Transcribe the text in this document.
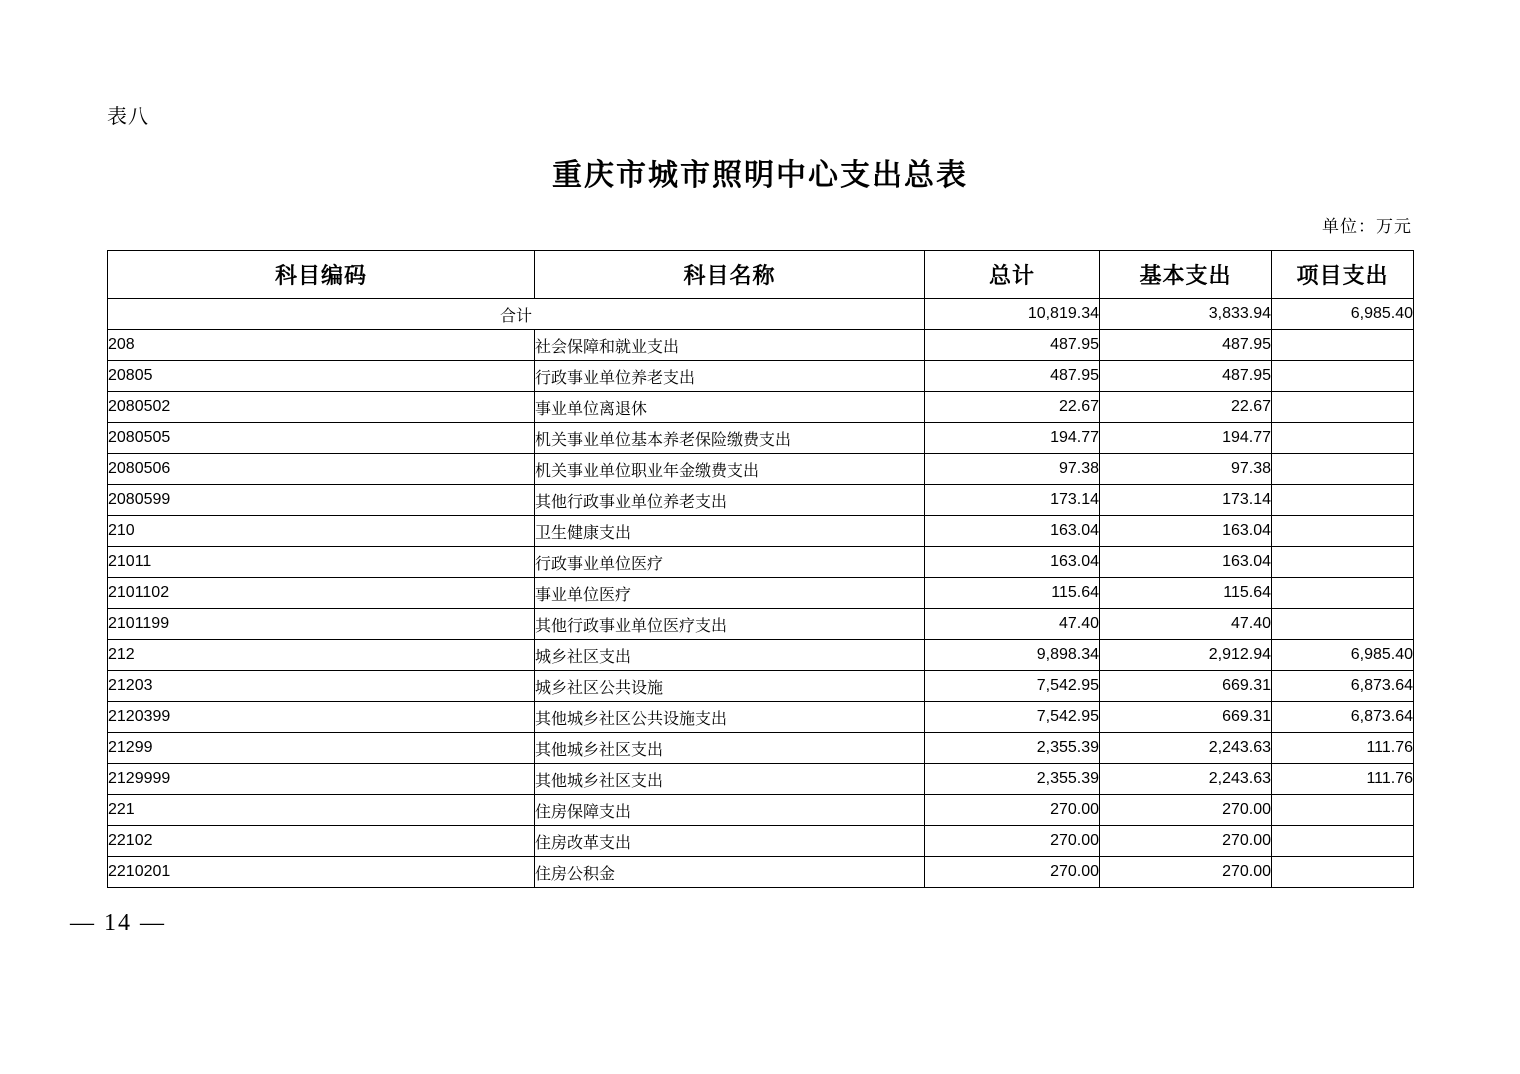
表八
重庆市城市照明中心支出总表
单位：万元
科目编码	科目名称	总计	基本支出	项目支出
合计		10,819.34	3,833.94	6,985.40
208	社会保障和就业支出	487.95	487.95	
20805	行政事业单位养老支出	487.95	487.95	
2080502	事业单位离退休	22.67	22.67	
2080505	机关事业单位基本养老保险缴费支出	194.77	194.77	
2080506	机关事业单位职业年金缴费支出	97.38	97.38	
2080599	其他行政事业单位养老支出	173.14	173.14	
210	卫生健康支出	163.04	163.04	
21011	行政事业单位医疗	163.04	163.04	
2101102	事业单位医疗	115.64	115.64	
2101199	其他行政事业单位医疗支出	47.40	47.40	
212	城乡社区支出	9,898.34	2,912.94	6,985.40
21203	城乡社区公共设施	7,542.95	669.31	6,873.64
2120399	其他城乡社区公共设施支出	7,542.95	669.31	6,873.64
21299	其他城乡社区支出	2,355.39	2,243.63	111.76
2129999	其他城乡社区支出	2,355.39	2,243.63	111.76
221	住房保障支出	270.00	270.00	
22102	住房改革支出	270.00	270.00	
2210201	住房公积金	270.00	270.00	
— 14 —
